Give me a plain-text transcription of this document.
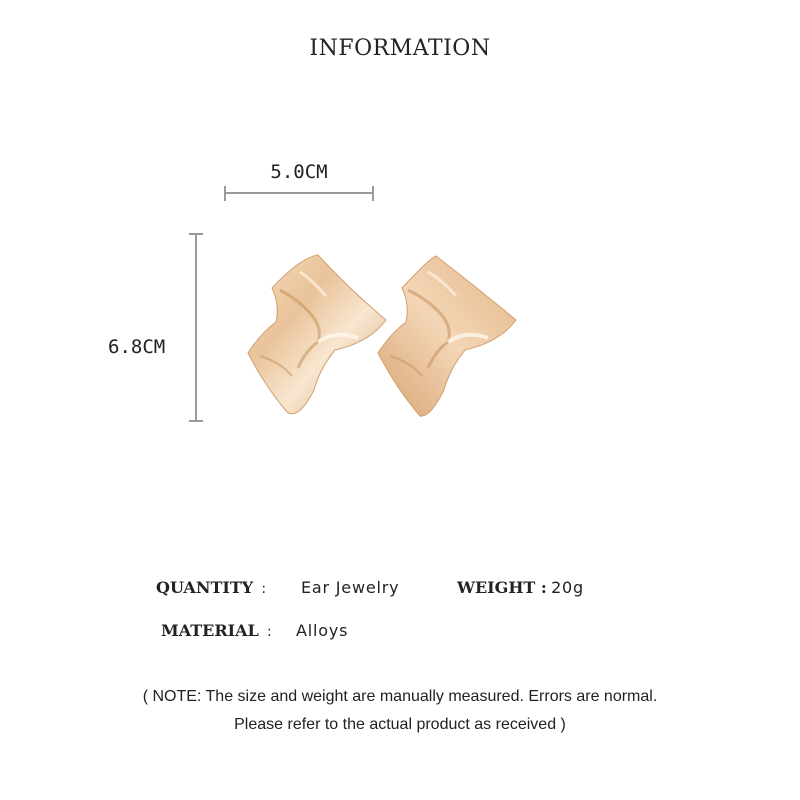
INFORMATION
5.0CM
6.8CM
QUANTITY : Ear Jewelry	WEIGHT : 20g
MATERIAL : Alloys
( NOTE: The size and weight are manually measured. Errors are normal.
Please refer to the actual product as received )
